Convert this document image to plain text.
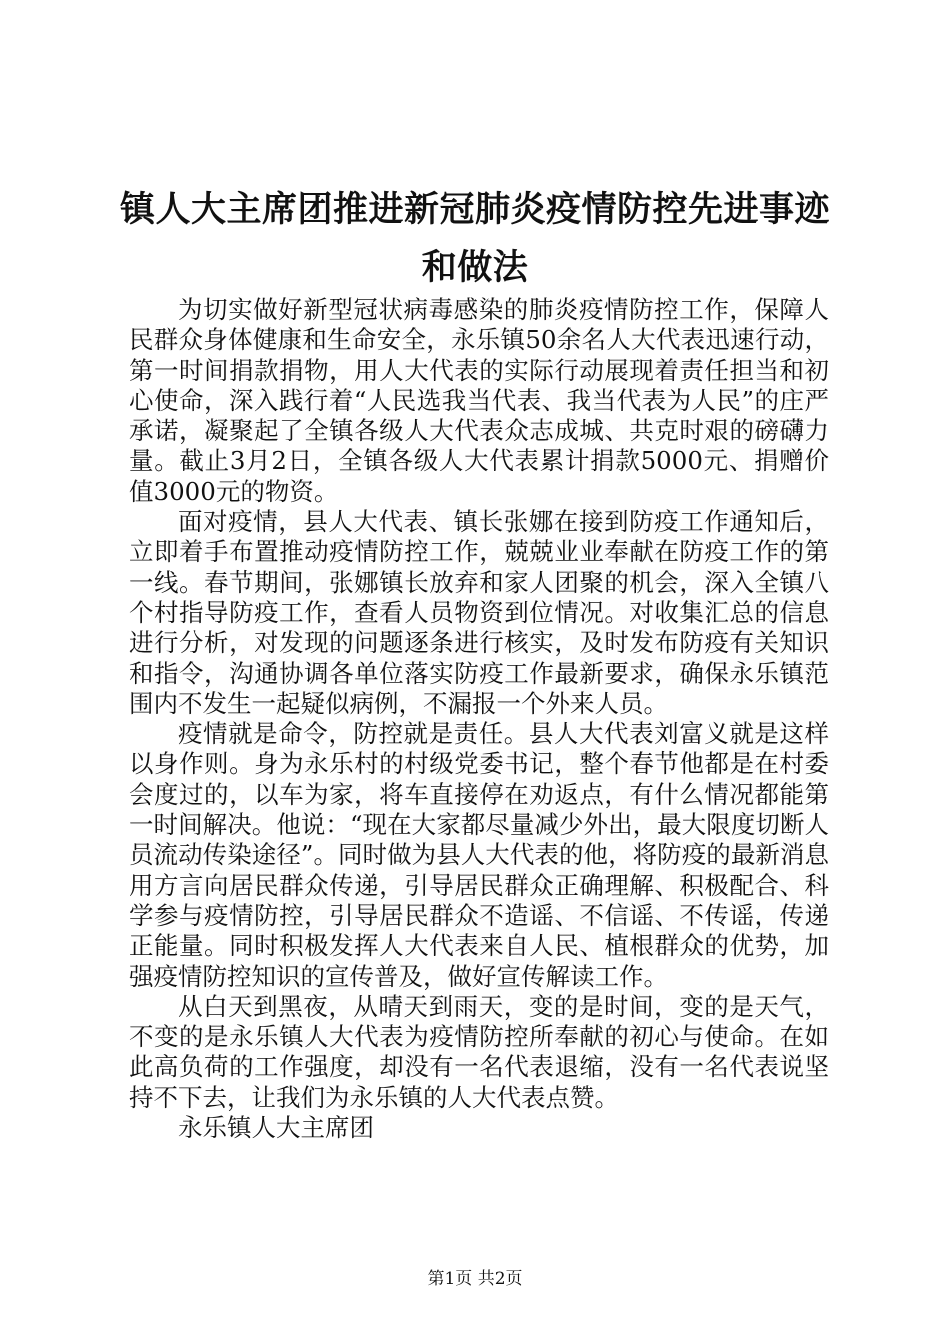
镇人大主席团推进新冠肺炎疫情防控先进事迹
和做法

为切实做好新型冠状病毒感染的肺炎疫情防控工作，保障人民群众身体健康和生命安全，永乐镇50余名人大代表迅速行动，第一时间捐款捐物，用人大代表的实际行动展现着责任担当和初心使命，深入践行着“人民选我当代表、我当代表为人民”的庄严承诺，凝聚起了全镇各级人大代表众志成城、共克时艰的磅礴力量。截止3月2日，全镇各级人大代表累计捐款5000元、捐赠价值3000元的物资。

面对疫情，县人大代表、镇长张娜在接到防疫工作通知后，立即着手布置推动疫情防控工作，兢兢业业奉献在防疫工作的第一线。春节期间，张娜镇长放弃和家人团聚的机会，深入全镇八个村指导防疫工作，查看人员物资到位情况。对收集汇总的信息进行分析，对发现的问题逐条进行核实，及时发布防疫有关知识和指令，沟通协调各单位落实防疫工作最新要求，确保永乐镇范围内不发生一起疑似病例，不漏报一个外来人员。

疫情就是命令，防控就是责任。县人大代表刘富义就是这样以身作则。身为永乐村的村级党委书记，整个春节他都是在村委会度过的，以车为家，将车直接停在劝返点，有什么情况都能第一时间解决。他说：“现在大家都尽量减少外出，最大限度切断人员流动传染途径”。同时做为县人大代表的他，将防疫的最新消息用方言向居民群众传递，引导居民群众正确理解、积极配合、科学参与疫情防控，引导居民群众不造谣、不信谣、不传谣，传递正能量。同时积极发挥人大代表来自人民、植根群众的优势，加强疫情防控知识的宣传普及，做好宣传解读工作。

从白天到黑夜，从晴天到雨天，变的是时间，变的是天气，不变的是永乐镇人大代表为疫情防控所奉献的初心与使命。在如此高负荷的工作强度，却没有一名代表退缩，没有一名代表说坚持不下去，让我们为永乐镇的人大代表点赞。

永乐镇人大主席团
第1页 共2页
